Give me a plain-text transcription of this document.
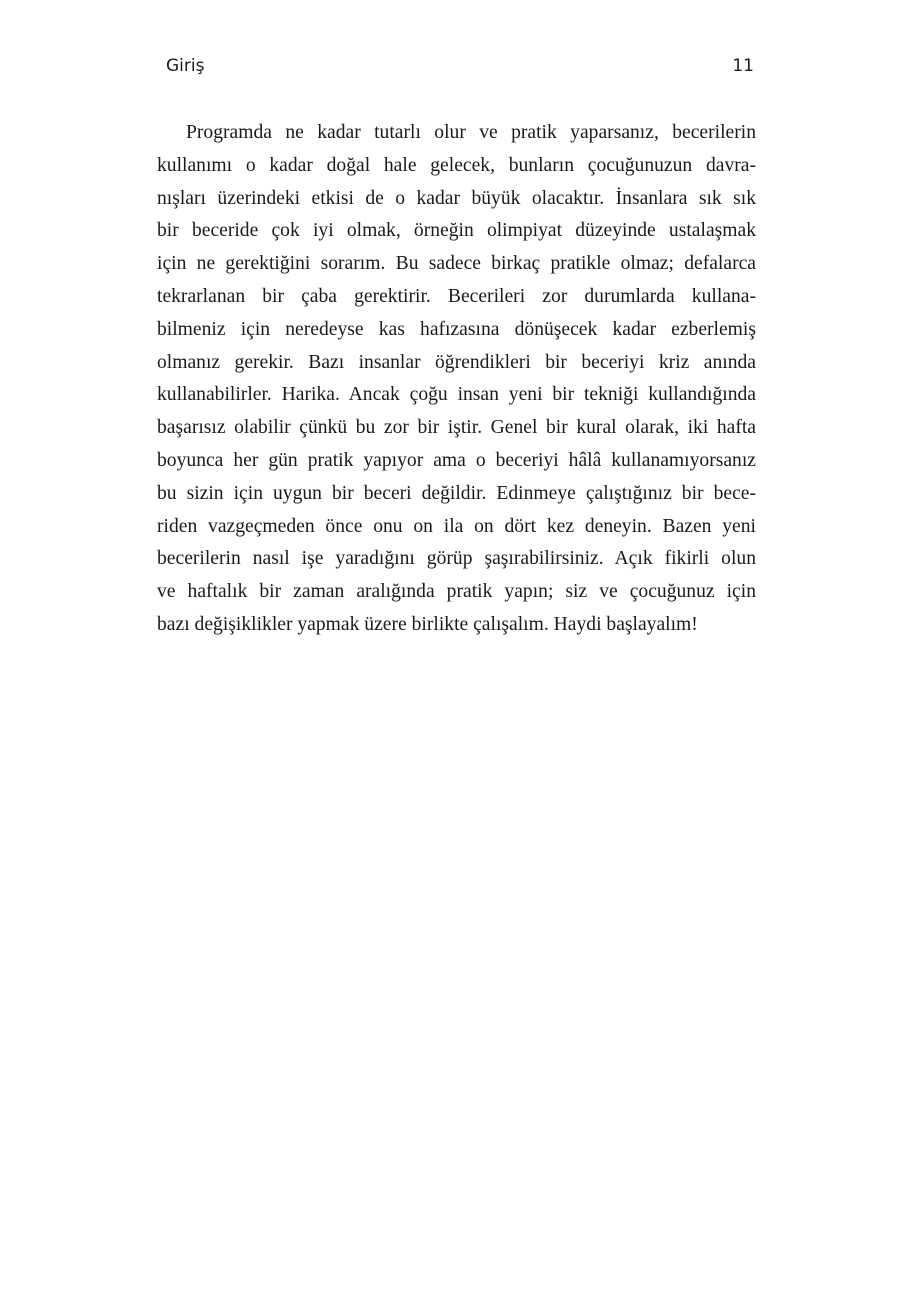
Giriş	11
Programda ne kadar tutarlı olur ve pratik yaparsanız, becerilerin
kullanımı o kadar doğal hale gelecek, bunların çocuğunuzun davra-
nışları üzerindeki etkisi de o kadar büyük olacaktır. İnsanlara sık sık
bir beceride çok iyi olmak, örneğin olimpiyat düzeyinde ustalaşmak
için ne gerektiğini sorarım. Bu sadece birkaç pratikle olmaz; defalarca
tekrarlanan bir çaba gerektirir. Becerileri zor durumlarda kullana-
bilmeniz için neredeyse kas hafızasına dönüşecek kadar ezberlemiş
olmanız gerekir. Bazı insanlar öğrendikleri bir beceriyi kriz anında
kullanabilirler. Harika. Ancak çoğu insan yeni bir tekniği kullandığında
başarısız olabilir çünkü bu zor bir iştir. Genel bir kural olarak, iki hafta
boyunca her gün pratik yapıyor ama o beceriyi hâlâ kullanamıyorsanız
bu sizin için uygun bir beceri değildir. Edinmeye çalıştığınız bir bece-
riden vazgeçmeden önce onu on ila on dört kez deneyin. Bazen yeni
becerilerin nasıl işe yaradığını görüp şaşırabilirsiniz. Açık fikirli olun
ve haftalık bir zaman aralığında pratik yapın; siz ve çocuğunuz için
bazı değişiklikler yapmak üzere birlikte çalışalım. Haydi başlayalım!
